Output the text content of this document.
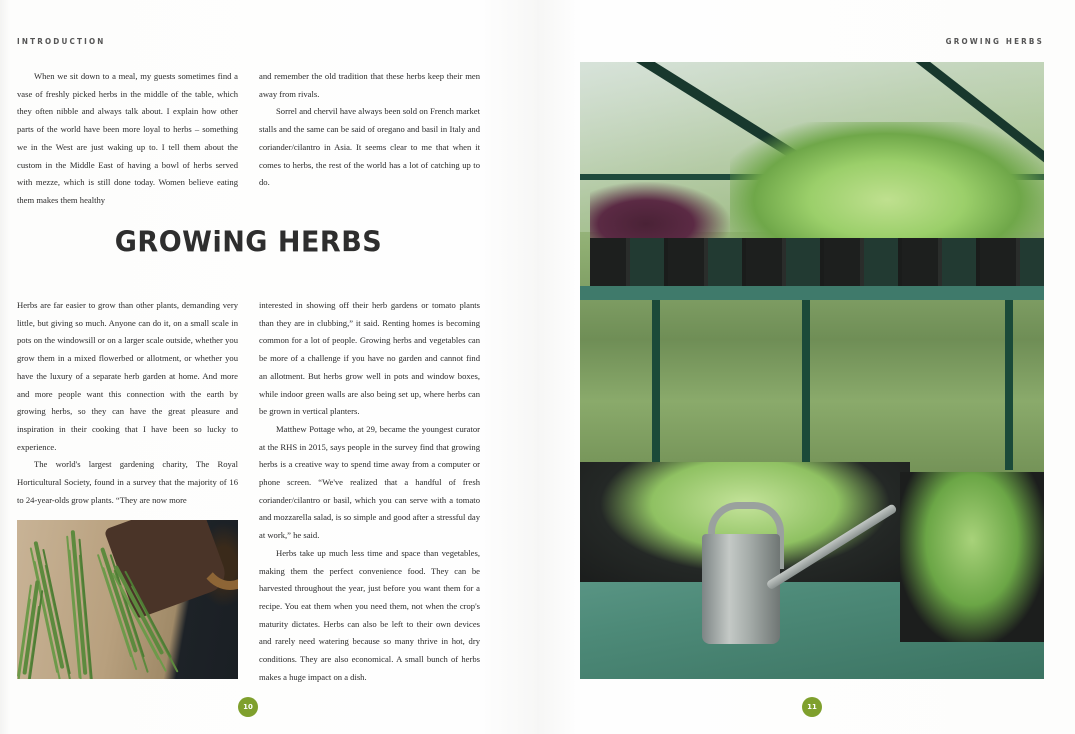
INTRODUCTION

When we sit down to a meal, my guests sometimes find a vase of freshly picked herbs in the middle of the table, which they often nibble and always talk about. I explain how other parts of the world have been more loyal to herbs – something we in the West are just waking up to. I tell them about the custom in the Middle East of having a bowl of herbs served with mezze, which is still done today. Women believe eating them makes them healthy

and remember the old tradition that these herbs keep their men away from rivals.

Sorrel and chervil have always been sold on French market stalls and the same can be said of oregano and basil in Italy and coriander/cilantro in Asia. It seems clear to me that when it comes to herbs, the rest of the world has a lot of catching up to do.

GROWiNG HERBS

Herbs are far easier to grow than other plants, demanding very little, but giving so much. Anyone can do it, on a small scale in pots on the windowsill or on a larger scale outside, whether you grow them in a mixed flowerbed or allotment, or whether you have the luxury of a separate herb garden at home. And more and more people want this connection with the earth by growing herbs, so they can have the great pleasure and inspiration in their cooking that I have been so lucky to experience.

The world's largest gardening charity, The Royal Horticultural Society, found in a survey that the majority of 16 to 24-year-olds grow plants. “They are now more

interested in showing off their herb gardens or tomato plants than they are in clubbing,” it said. Renting homes is becoming common for a lot of people. Growing herbs and vegetables can be more of a challenge if you have no garden and cannot find an allotment. But herbs grow well in pots and window boxes, while indoor green walls are also being set up, where herbs can be grown in vertical planters.

Matthew Pottage who, at 29, became the youngest curator at the RHS in 2015, says people in the survey find that growing herbs is a creative way to spend time away from a computer or phone screen. “We've realized that a handful of fresh coriander/cilantro or basil, which you can serve with a tomato and mozzarella salad, is so simple and good after a stressful day at work,” he said.

Herbs take up much less time and space than vegetables, making them the perfect convenience food. They can be harvested throughout the year, just before you want them for a recipe. You eat them when you need them, not when the crop's maturity dictates. Herbs can also be left to their own devices and rarely need watering because so many thrive in hot, dry conditions. They are also economical. A small bunch of herbs makes a huge impact on a dish.

10
GROWING HERBS
11
